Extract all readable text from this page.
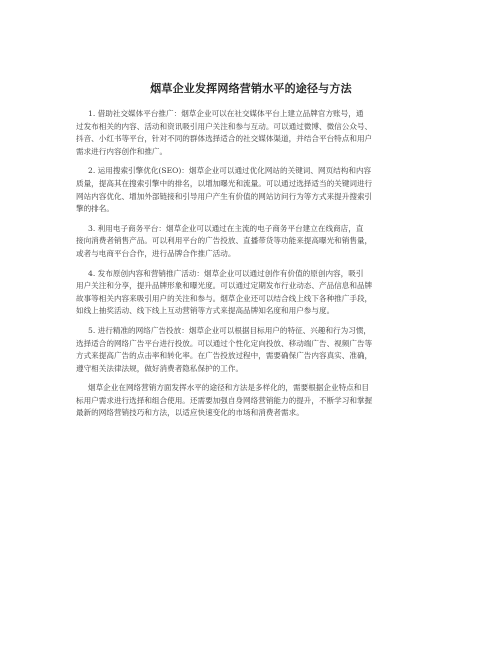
烟草企业发挥网络营销水平的途径与方法

1. 借助社交媒体平台推广：烟草企业可以在社交媒体平台上建立品牌官方账号，通
过发布相关的内容、活动和资讯吸引用户关注和参与互动。可以通过微博、微信公众号、
抖音、小红书等平台，针对不同的群体选择适合的社交媒体渠道，并结合平台特点和用户
需求进行内容创作和推广。

2. 运用搜索引擎优化(SEO)：烟草企业可以通过优化网站的关键词、网页结构和内容
质量，提高其在搜索引擎中的排名，以增加曝光和流量。可以通过选择适当的关键词进行
网站内容优化、增加外部链接和引导用户产生有价值的网站访问行为等方式来提升搜索引
擎的排名。

3. 利用电子商务平台：烟草企业可以通过在主流的电子商务平台建立在线商店，直
接向消费者销售产品。可以利用平台的广告投放、直播带货等功能来提高曝光和销售量，
或者与电商平台合作，进行品牌合作推广活动。

4. 发布原创内容和营销推广活动：烟草企业可以通过创作有价值的原创内容，吸引
用户关注和分享，提升品牌形象和曝光度。可以通过定期发布行业动态、产品信息和品牌
故事等相关内容来吸引用户的关注和参与。烟草企业还可以结合线上线下各种推广手段，
如线上抽奖活动、线下线上互动营销等方式来提高品牌知名度和用户参与度。

5. 进行精准的网络广告投放：烟草企业可以根据目标用户的特征、兴趣和行为习惯，
选择适合的网络广告平台进行投放。可以通过个性化定向投放、移动端广告、视频广告等
方式来提高广告的点击率和转化率。在广告投放过程中，需要确保广告内容真实、准确，
遵守相关法律法规，做好消费者隐私保护的工作。

烟草企业在网络营销方面发挥水平的途径和方法是多样化的，需要根据企业特点和目
标用户需求进行选择和组合使用。还需要加强自身网络营销能力的提升，不断学习和掌握
最新的网络营销技巧和方法，以适应快速变化的市场和消费者需求。
